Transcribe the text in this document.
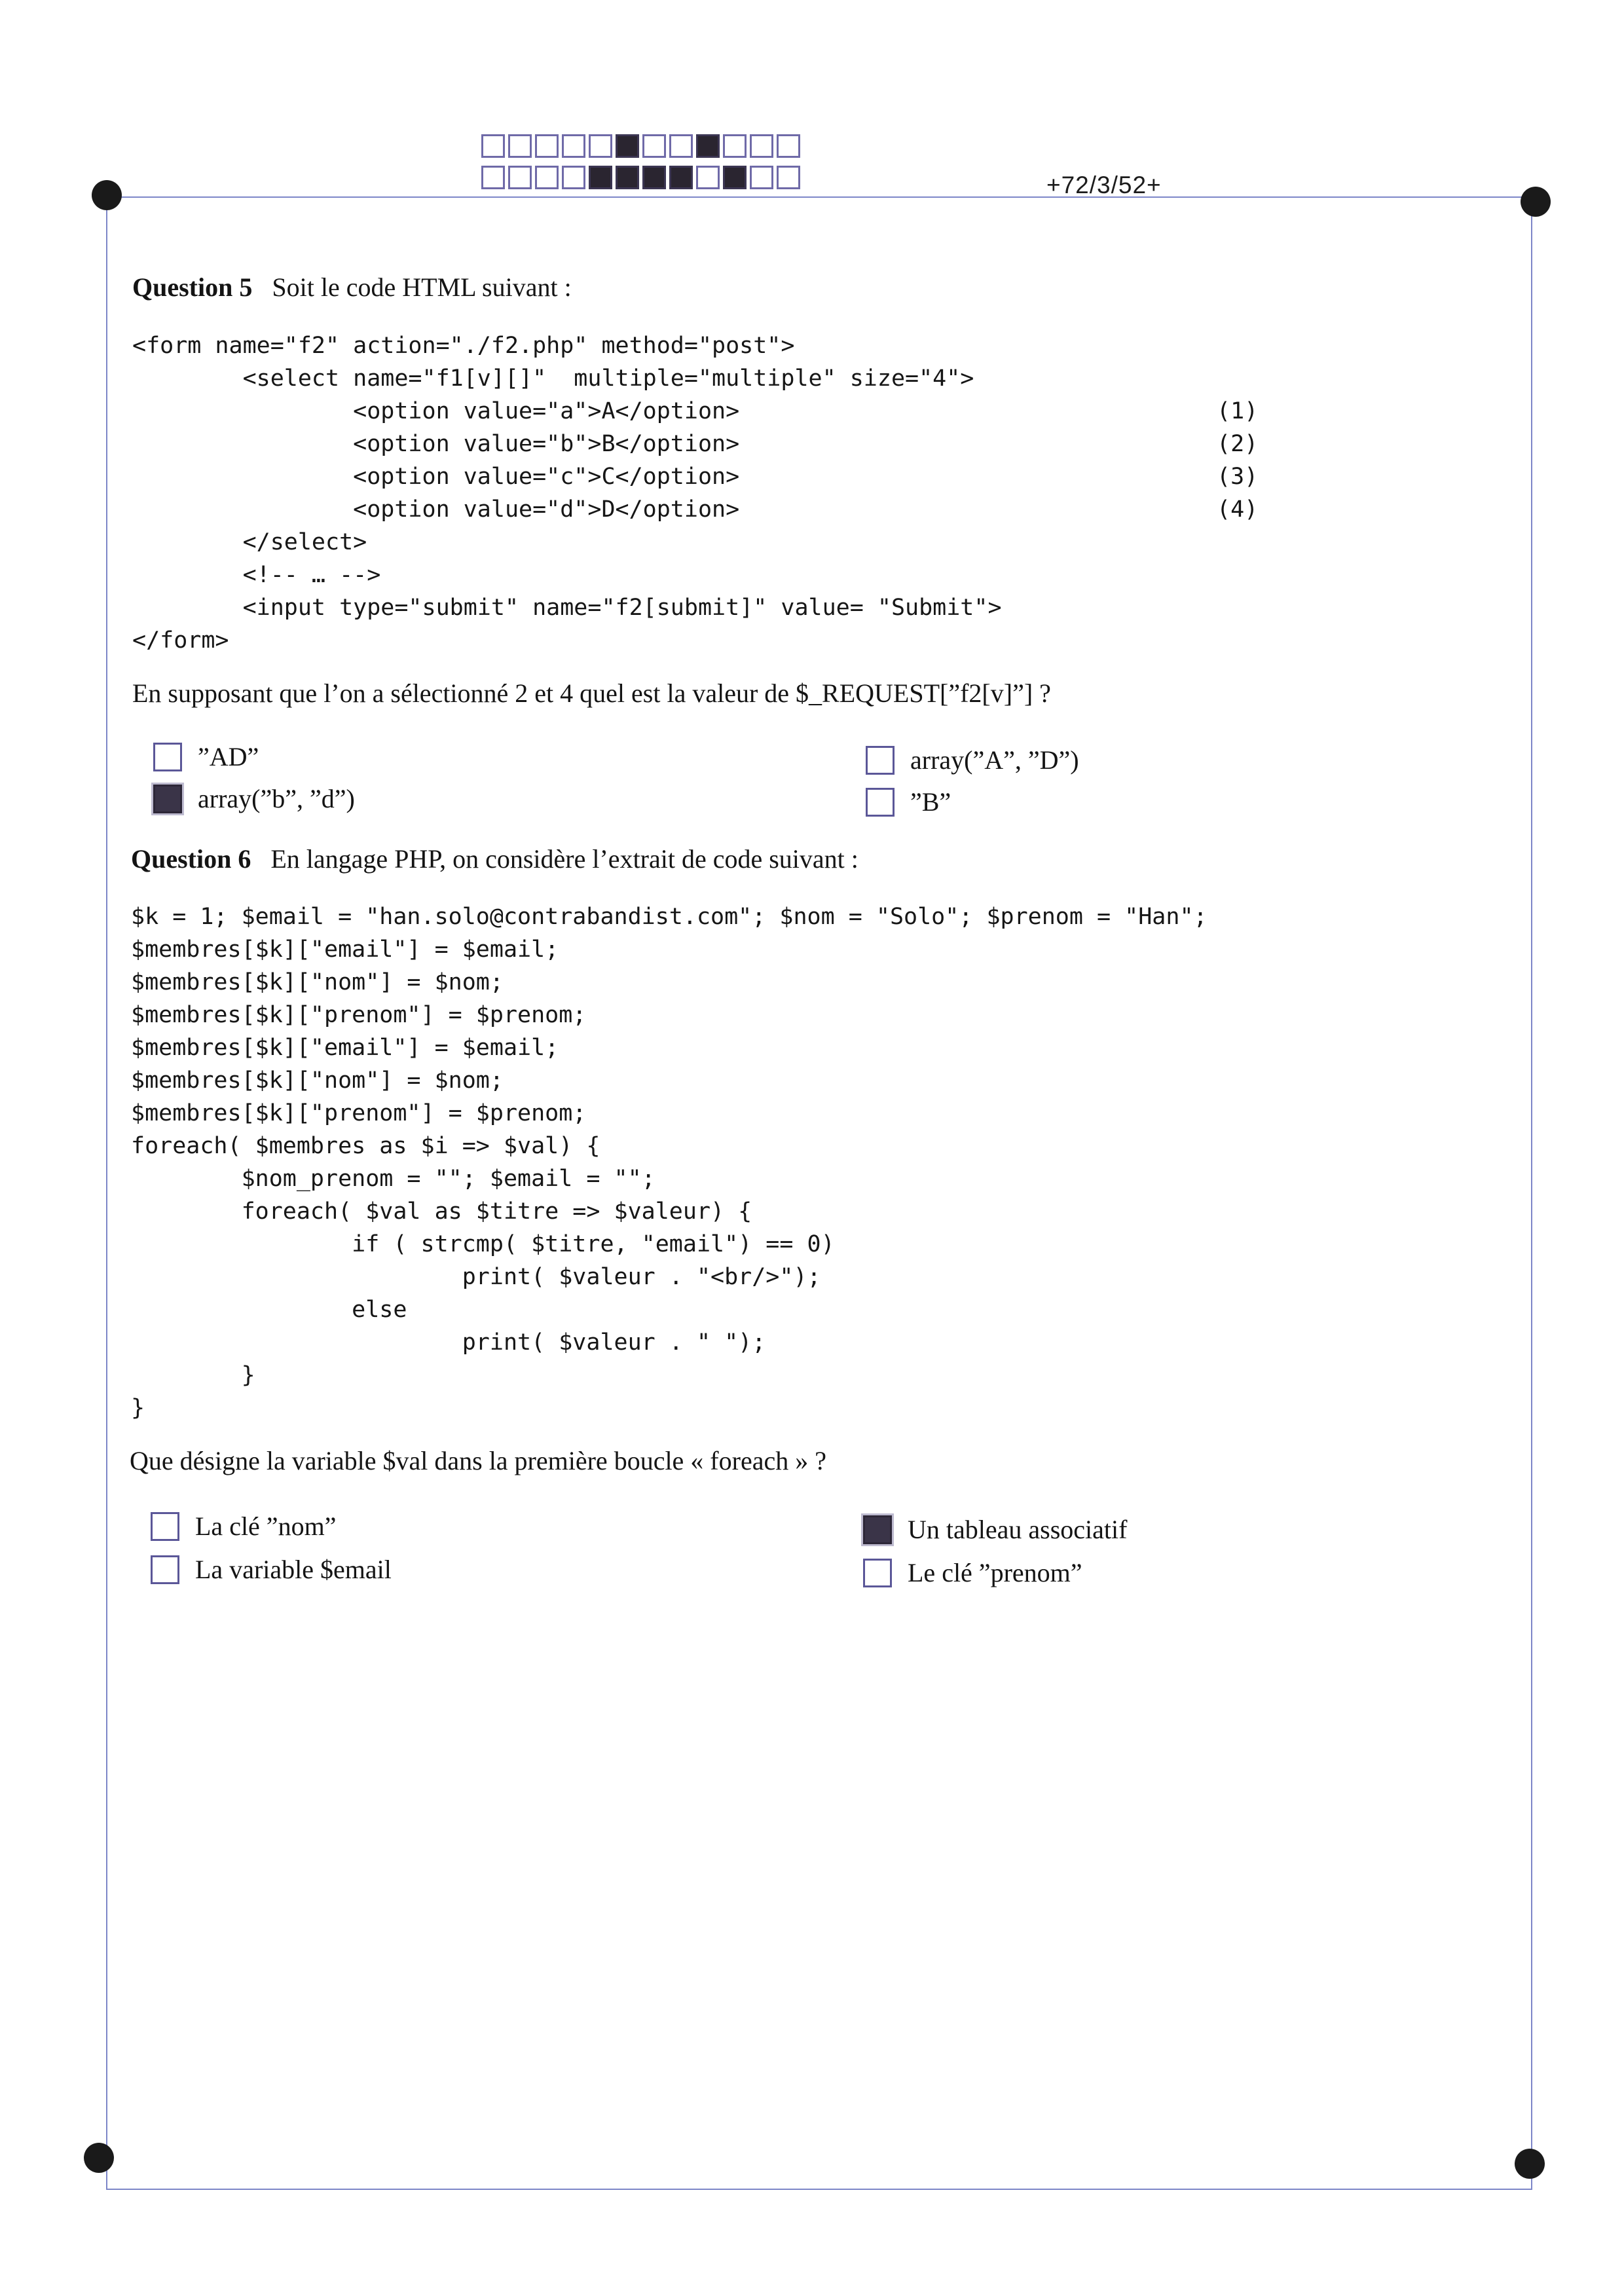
+72/3/52+
Question 5 Soit le code HTML suivant :
<form name="f2" action="./f2.php" method="post">
<select name="f1[v][]"  multiple="multiple" size="4">
<option value="a">A</option>
<option value="b">B</option>
<option value="c">C</option>
<option value="d">D</option>
</select>
<!-- … -->
<input type="submit" name="f2[submit]" value= "Submit">
</form>
(1)
(2)
(3)
(4)
En supposant que l’on a sélectionné 2 et 4 quel est la valeur de $_REQUEST[”f2[v]”] ?
”AD”
array(”b”, ”d”)
array(”A”, ”D”)
”B”
Question 6 En langage PHP, on considère l’extrait de code suivant :
$k = 1; $email = "han.solo@contrabandist.com"; $nom = "Solo"; $prenom = "Han";
$membres[$k]["email"] = $email;
$membres[$k]["nom"] = $nom;
$membres[$k]["prenom"] = $prenom;
$membres[$k]["email"] = $email;
$membres[$k]["nom"] = $nom;
$membres[$k]["prenom"] = $prenom;
foreach( $membres as $i => $val) {
$nom_prenom = ""; $email = "";
foreach( $val as $titre => $valeur) {
if ( strcmp( $titre, "email") == 0)
print( $valeur . "<br/>");
else
print( $valeur . " ");
}
}
Que désigne la variable $val dans la première boucle « foreach » ?
La clé ”nom”
La variable $email
Un tableau associatif
Le clé ”prenom”
